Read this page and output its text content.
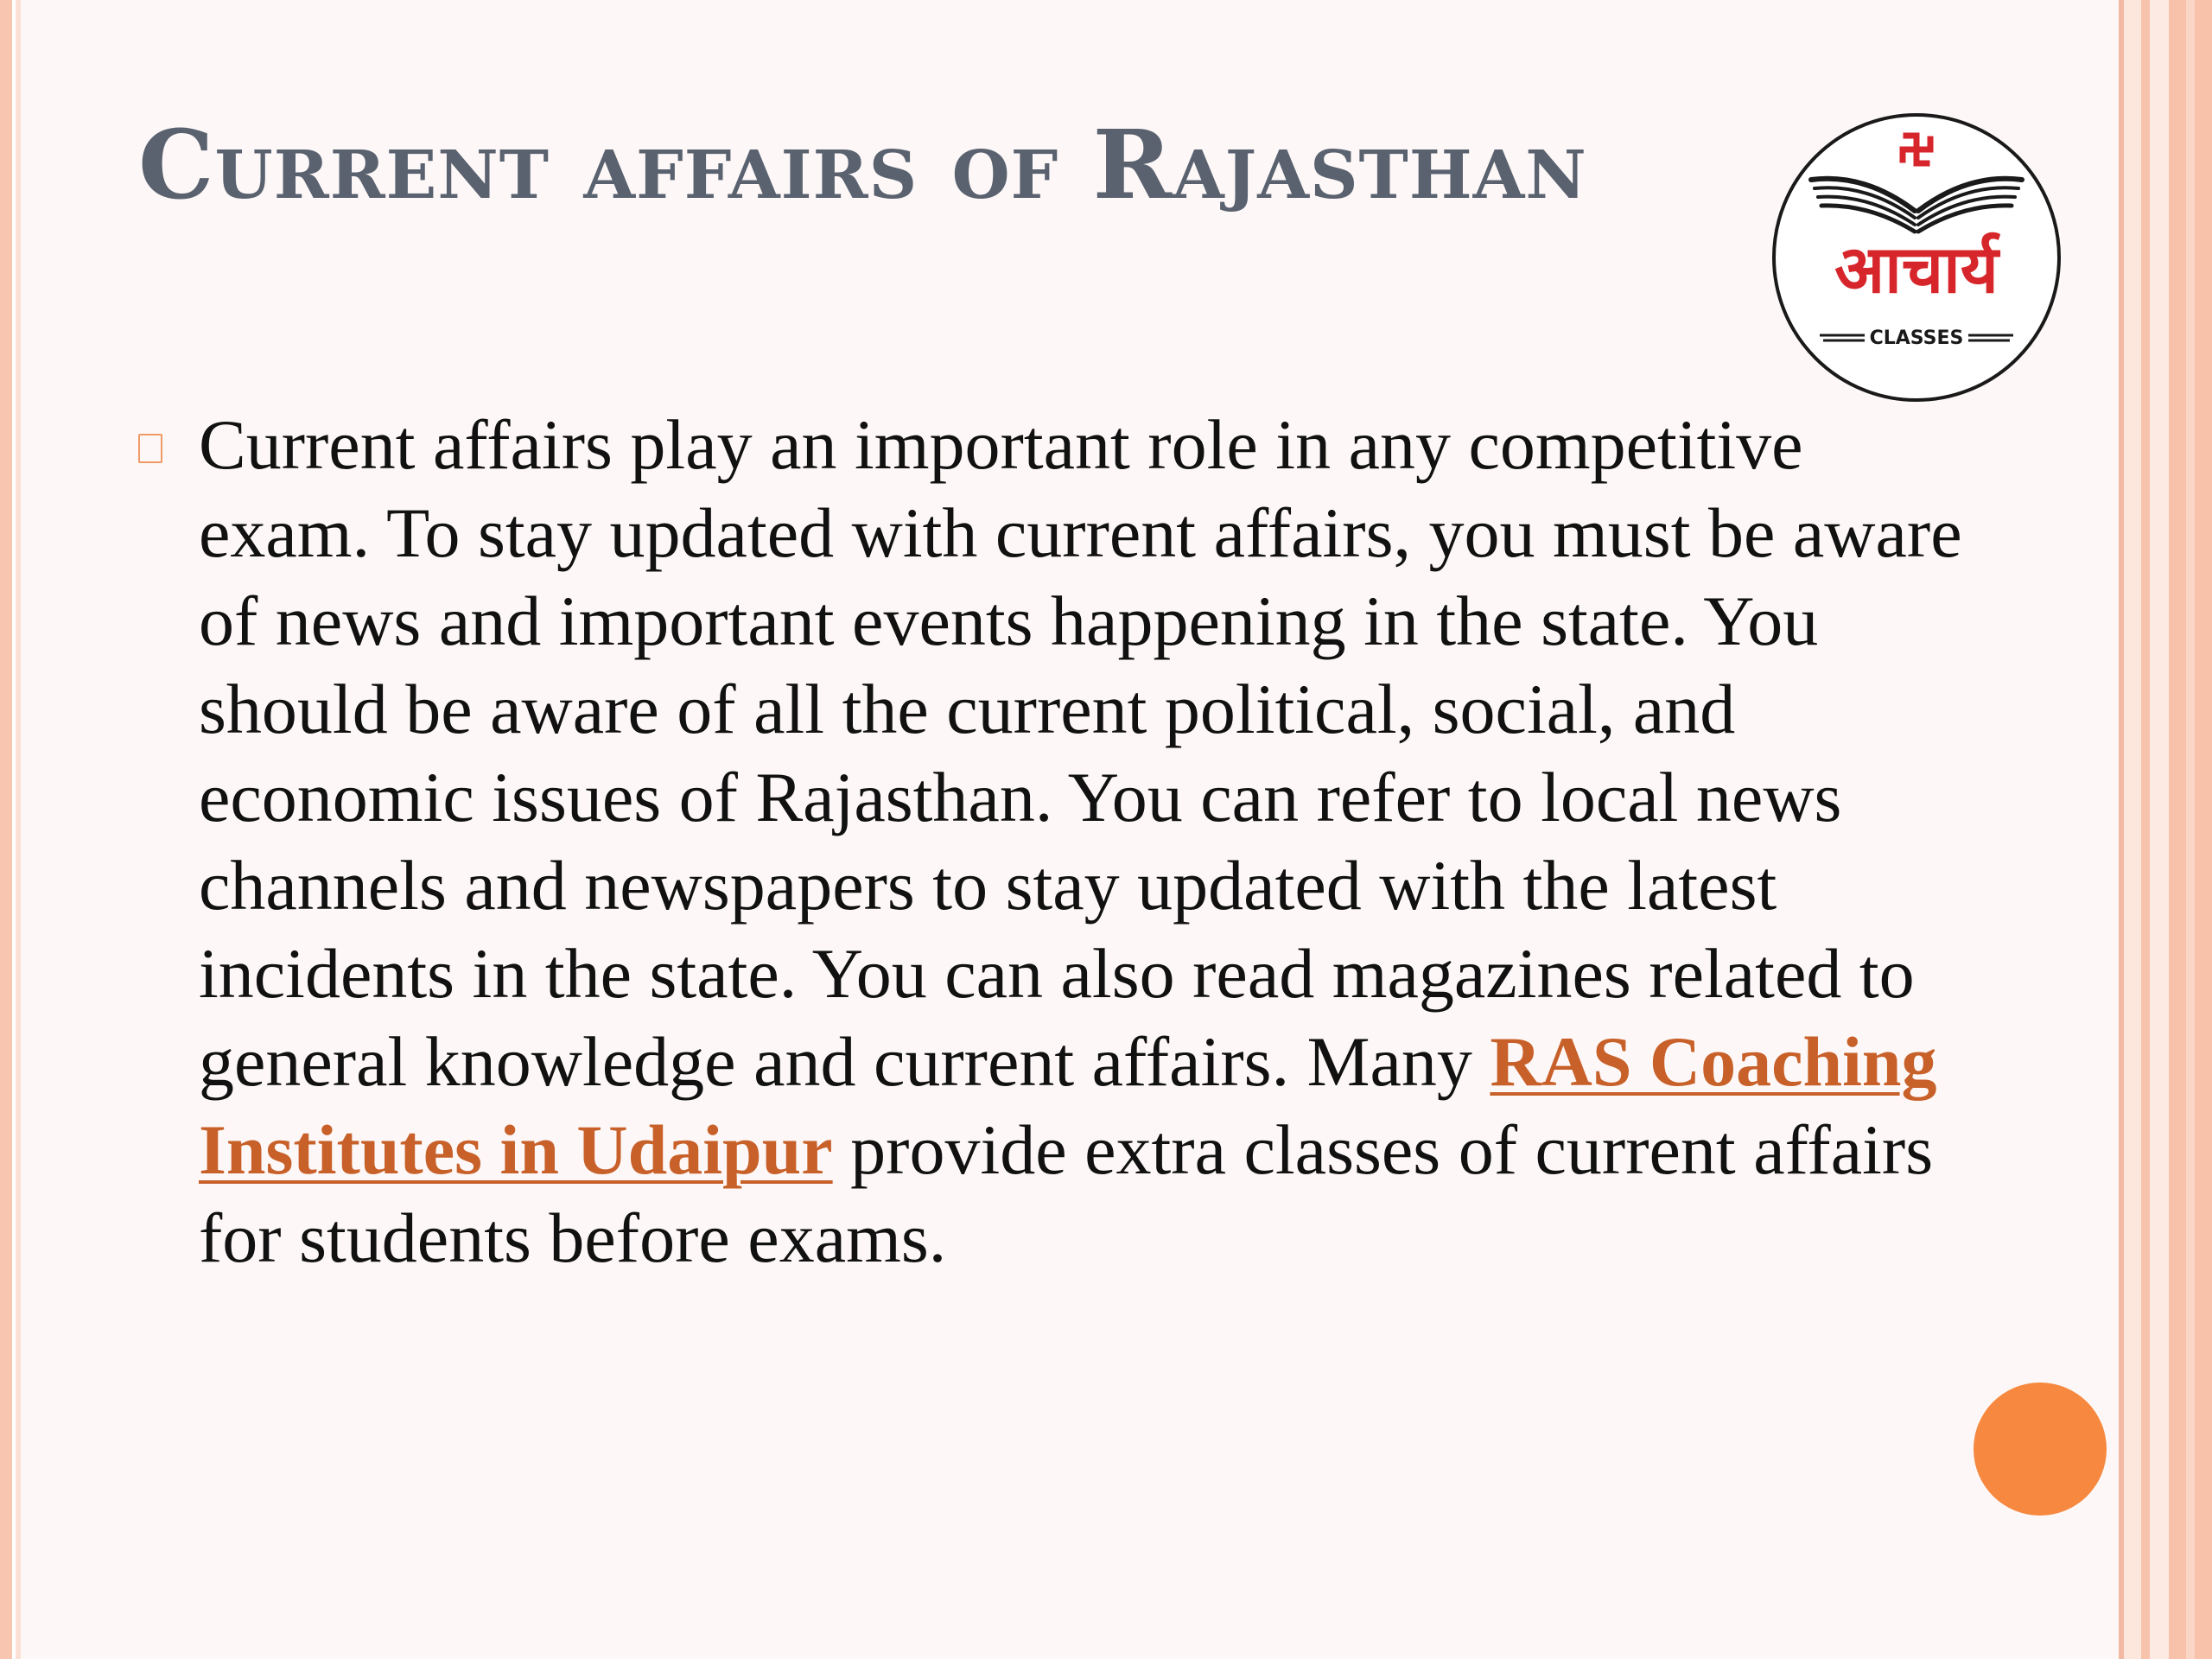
Current affairs of Rajasthan
आचार्य
CLASSES

Current affairs play an important role in any competitive exam. To stay updated with current affairs, you must be aware of news and important events happening in the state. You should be aware of all the current political, social, and economic issues of Rajasthan. You can refer to local news channels and newspapers to stay updated with the latest incidents in the state. You can also read magazines related to general knowledge and current affairs. Many RAS Coaching Institutes in Udaipur provide extra classes of current affairs for students before exams.
